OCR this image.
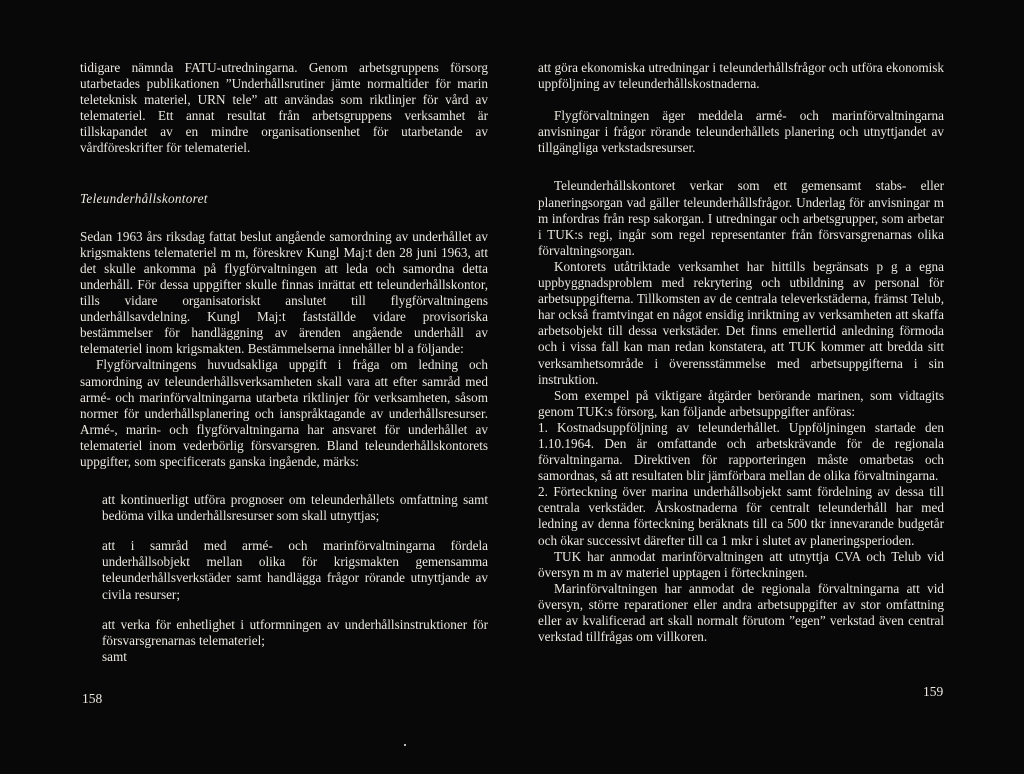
tidigare nämnda FATU-utredningarna. Genom arbetsgruppens försorg utarbetades publikationen ”Underhållsrutiner jämte normaltider för marin teleteknisk materiel, URN tele” att användas som riktlinjer för vård av telemateriel. Ett annat resultat från arbetsgruppens verksamhet är tillskapandet av en mindre organisationsenhet för utarbetande av vårdföreskrifter för telemateriel.

Teleunderhållskontoret

Sedan 1963 års riksdag fattat beslut angående samordning av underhållet av krigsmaktens telemateriel m m, föreskrev Kungl Maj:t den 28 juni 1963, att det skulle ankomma på flygförvaltningen att leda och samordna detta underhåll. För dessa uppgifter skulle finnas inrättat ett teleunderhållskontor, tills vidare organisatoriskt anslutet till flygförvaltningens underhållsavdelning. Kungl Maj:t fastställde vidare provisoriska bestämmelser för handläggning av ärenden angående underhåll av telemateriel inom krigsmakten. Bestämmelserna innehåller bl a följande:

Flygförvaltningens huvudsakliga uppgift i fråga om ledning och samordning av teleunderhållsverksamheten skall vara att efter samråd med armé- och marinförvaltningarna utarbeta riktlinjer för verksamheten, såsom normer för underhållsplanering och ianspråktagande av underhållsresurser. Armé-, marin- och flygförvaltningarna har ansvaret för underhållet av telemateriel inom vederbörlig försvarsgren. Bland teleunderhållskontorets uppgifter, som specificerats ganska ingående, märks:

att kontinuerligt utföra prognoser om teleunderhållets omfattning samt bedöma vilka underhållsresurser som skall utnyttjas;

att i samråd med armé- och marinförvaltningarna fördela underhållsobjekt mellan olika för krigsmakten gemensamma teleunderhållsverkstäder samt handlägga frågor rörande utnyttjande av civila resurser;

att verka för enhetlighet i utformningen av underhållsinstruktioner för försvarsgrenarnas telemateriel;

samt

158

att göra ekonomiska utredningar i teleunderhållsfrågor och utföra ekonomisk uppföljning av teleunderhållskostnaderna.

Flygförvaltningen äger meddela armé- och marinförvaltningarna anvisningar i frågor rörande teleunderhållets planering och utnyttjandet av tillgängliga verkstadsresurser.

Teleunderhållskontoret verkar som ett gemensamt stabs- eller planeringsorgan vad gäller teleunderhållsfrågor. Underlag för anvisningar m m infordras från resp sakorgan. I utredningar och arbetsgrupper, som arbetar i TUK:s regi, ingår som regel representanter från försvarsgrenarnas olika förvaltningsorgan.

Kontorets utåtriktade verksamhet har hittills begränsats p g a egna uppbyggnadsproblem med rekrytering och utbildning av personal för arbetsuppgifterna. Tillkomsten av de centrala televerkstäderna, främst Telub, har också framtvingat en något ensidig inriktning av verksamheten att skaffa arbetsobjekt till dessa verkstäder. Det finns emellertid anledning förmoda och i vissa fall kan man redan konstatera, att TUK kommer att bredda sitt verksamhetsområde i överensstämmelse med arbetsuppgifterna i sin instruktion.

Som exempel på viktigare åtgärder berörande marinen, som vidtagits genom TUK:s försorg, kan följande arbetsuppgifter anföras:

1. Kostnadsuppföljning av teleunderhållet. Uppföljningen startade den 1.10.1964. Den är omfattande och arbetskrävande för de regionala förvaltningarna. Direktiven för rapporteringen måste omarbetas och samordnas, så att resultaten blir jämförbara mellan de olika förvaltningarna.

2. Förteckning över marina underhållsobjekt samt fördelning av dessa till centrala verkstäder. Årskostnaderna för centralt teleunderhåll har med ledning av denna förteckning beräknats till ca 500 tkr innevarande budgetår och ökar successivt därefter till ca 1 mkr i slutet av planeringsperioden.

TUK har anmodat marinförvaltningen att utnyttja CVA och Telub vid översyn m m av materiel upptagen i förteckningen.

Marinförvaltningen har anmodat de regionala förvaltningarna att vid översyn, större reparationer eller andra arbetsuppgifter av stor omfattning eller av kvalificerad art skall normalt förutom ”egen” verkstad även central verkstad tillfrågas om villkoren.

159
